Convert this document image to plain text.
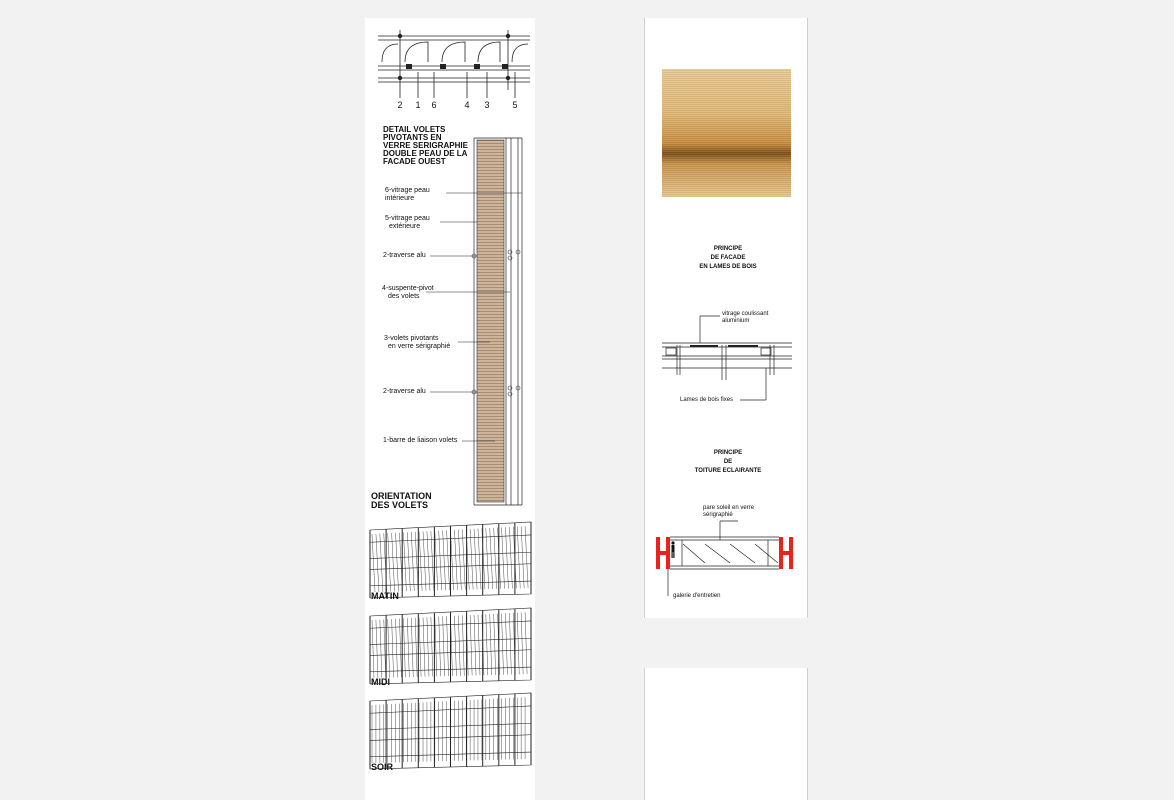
2	1	6	4	3	5
DETAIL VOLETS
PIVOTANTS EN
VERRE SERIGRAPHIE
DOUBLE PEAU DE LA
FACADE OUEST
6-vitrage peau
intérieure
5-vitrage peau
extérieure
2-traverse alu
4-suspente-pivot
des volets
3-volets pivotants
en verre sérigraphié
2-traverse alu
1-barre de liaison volets
ORIENTATION
DES VOLETS
MATIN
MIDI
SOIR
PRINCIPE
DE FACADE
EN LAMES DE BOIS
vitrage coulissant
aluminium
Lames de bois fixes
PRINCIPE
DE
TOITURE ECLAIRANTE
pare soleil en verre
sérigraphié
galerie d'entretien
